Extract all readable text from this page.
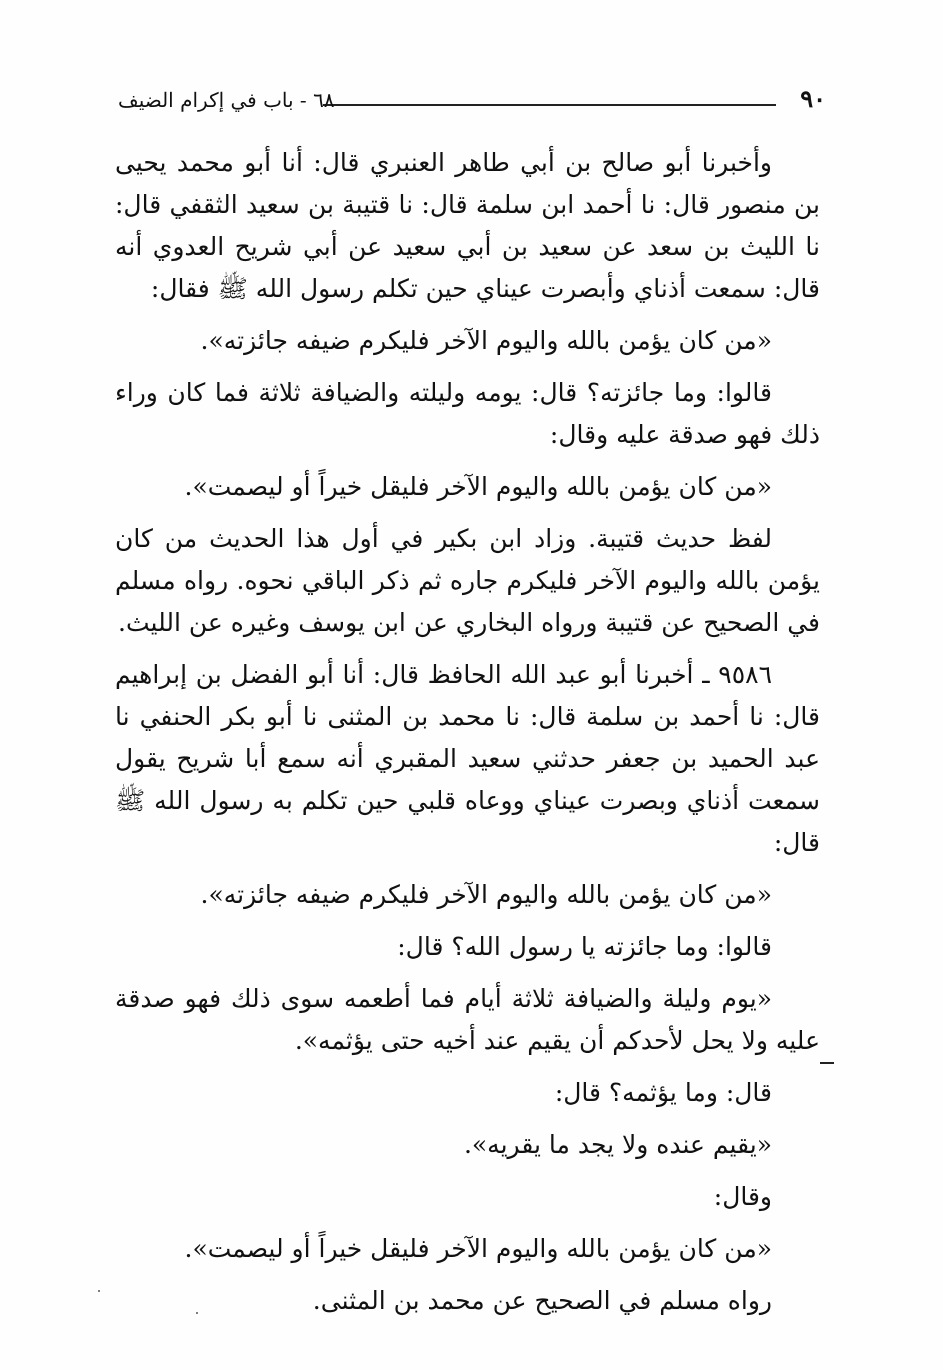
٩٠
٦٨ - باب في إكرام الضيف

وأخبرنا أبو صالح بن أبي طاهر العنبري قال: أنا أبو محمد يحيى بن منصور قال: نا أحمد ابن سلمة قال: نا قتيبة بن سعيد الثقفي قال: نا الليث بن سعد عن سعيد بن أبي سعيد عن أبي شريح العدوي أنه قال: سمعت أذناي وأبصرت عيناي حين تكلم رسول الله ﷺ فقال:

«من كان يؤمن بالله واليوم الآخر فليكرم ضيفه جائزته».

قالوا: وما جائزته؟ قال: يومه وليلته والضيافة ثلاثة فما كان وراء ذلك فهو صدقة عليه وقال:

«من كان يؤمن بالله واليوم الآخر فليقل خيراً أو ليصمت».

لفظ حديث قتيبة. وزاد ابن بكير في أول هذا الحديث من كان يؤمن بالله واليوم الآخر فليكرم جاره ثم ذكر الباقي نحوه. رواه مسلم في الصحيح عن قتيبة ورواه البخاري عن ابن يوسف وغيره عن الليث.

٩٥٨٦ ـ أخبرنا أبو عبد الله الحافظ قال: أنا أبو الفضل بن إبراهيم قال: نا أحمد بن سلمة قال: نا محمد بن المثنى نا أبو بكر الحنفي نا عبد الحميد بن جعفر حدثني سعيد المقبري أنه سمع أبا شريح يقول سمعت أذناي وبصرت عيناي ووعاه قلبي حين تكلم به رسول الله ﷺ قال:

«من كان يؤمن بالله واليوم الآخر فليكرم ضيفه جائزته».

قالوا: وما جائزته يا رسول الله؟ قال:

«يوم وليلة والضيافة ثلاثة أيام فما أطعمه سوى ذلك فهو صدقة عليه ولا يحل لأحدكم أن يقيم عند أخيه حتى يؤثمه».

قال: وما يؤثمه؟ قال:

«يقيم عنده ولا يجد ما يقريه».

وقال:

«من كان يؤمن بالله واليوم الآخر فليقل خيراً أو ليصمت».

رواه مسلم في الصحيح عن محمد بن المثنى.
